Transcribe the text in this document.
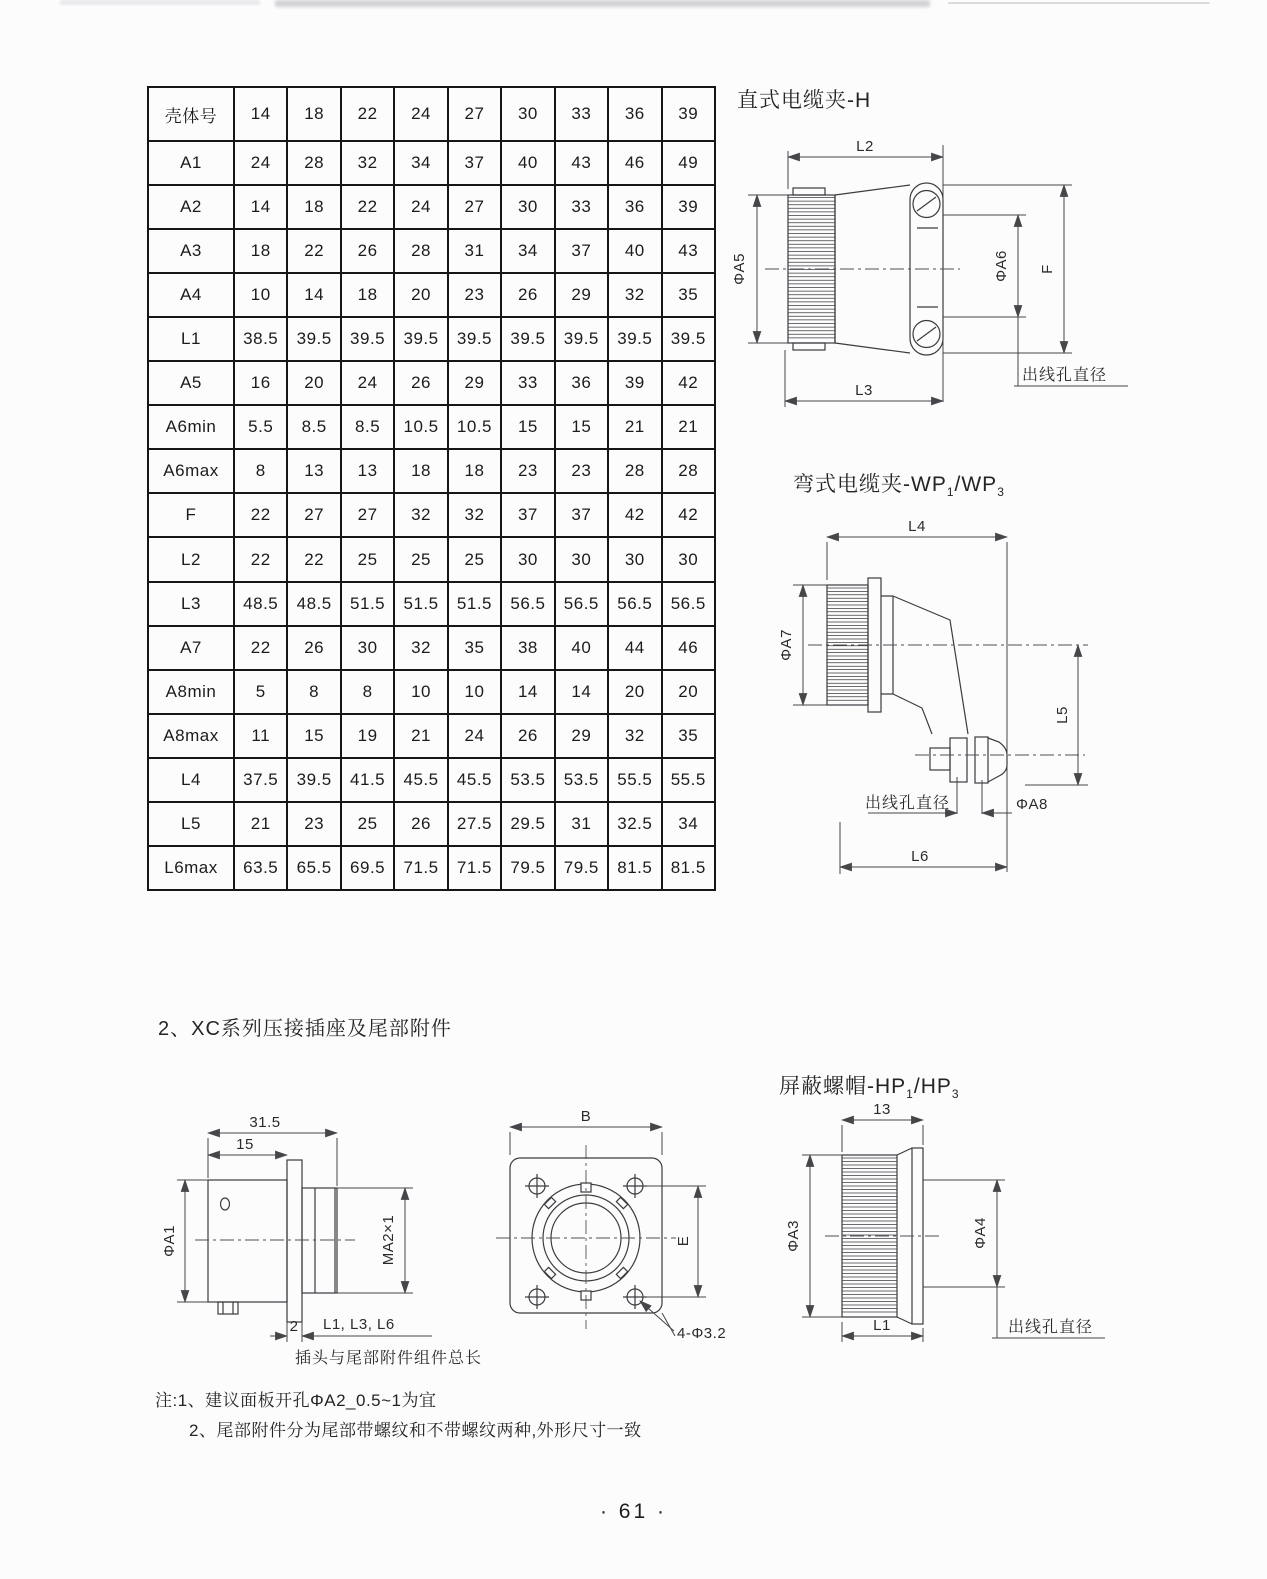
壳体号	14	18	22	24	27	30	33	36	39
A1	24	28	32	34	37	40	43	46	49
A2	14	18	22	24	27	30	33	36	39
A3	18	22	26	28	31	34	37	40	43
A4	10	14	18	20	23	26	29	32	35
L1	38.5	39.5	39.5	39.5	39.5	39.5	39.5	39.5	39.5
A5	16	20	24	26	29	33	36	39	42
A6min	5.5	8.5	8.5	10.5	10.5	15	15	21	21
A6max	8	13	13	18	18	23	23	28	28
F	22	27	27	32	32	37	37	42	42
L2	22	22	25	25	25	30	30	30	30
L3	48.5	48.5	51.5	51.5	51.5	56.5	56.5	56.5	56.5
A7	22	26	30	32	35	38	40	44	46
A8min	5	8	8	10	10	14	14	20	20
A8max	11	15	19	21	24	26	29	32	35
L4	37.5	39.5	41.5	45.5	45.5	53.5	53.5	55.5	55.5
L5	21	23	25	26	27.5	29.5	31	32.5	34
L6max	63.5	65.5	69.5	71.5	71.5	79.5	79.5	81.5	81.5
直式电缆夹-H
弯式电缆夹$-WP_1/WP_3$
屏蔽螺帽$-HP_1/HP_3$
2、XC系列压接插座及尾部附件
L2
ΦA5	ΦA6
出线孔直径
F
L3
L4
ΦA7
L5
出线孔直径	ΦA8
L6
31.5
15
ΦA1	MA2×1
2 L1, L3, L6
插头与尾部附件组件总长
B
E
4-Φ3.2
13
ΦA3	ΦA4
出线孔直径
L1
注:1、建议面板开孔ΦA2_0.5~1为宜
2、尾部附件分为尾部带螺纹和不带螺纹两种,外形尺寸一致
· 61 ·
